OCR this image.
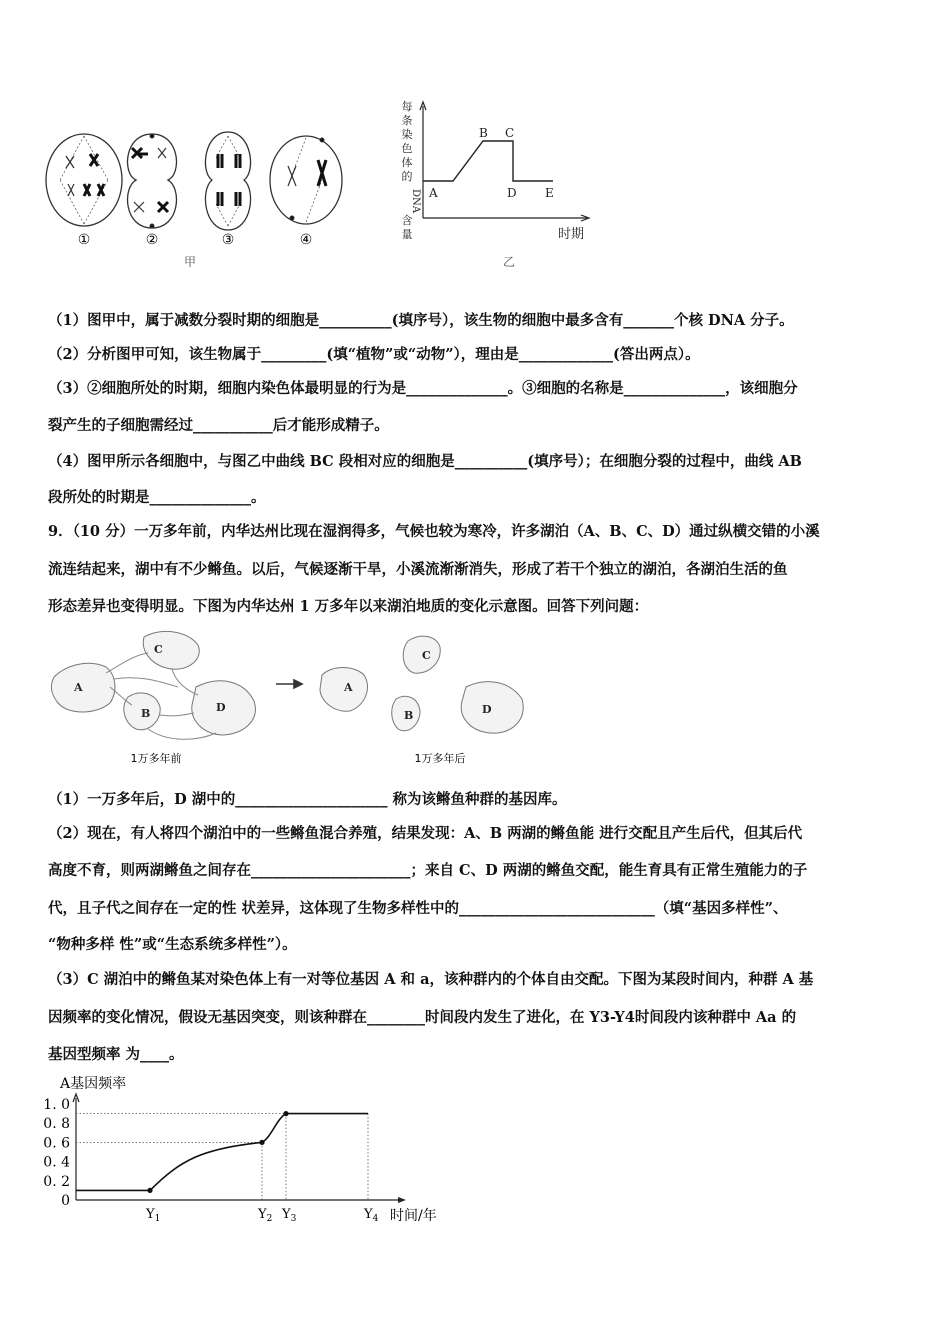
①	②	③	④
甲
每
条
染
色
体
的
DNA
含
量
A
B C
D E
时期
乙
（1）图甲中，属于减数分裂时期的细胞是__________(填序号），该生物的细胞中最多含有_______个核 DNA 分子。
（2）分析图甲可知，该生物属于_________(填“植物”或“动物”），理由是_____________(答出两点）。
（3）②细胞所处的时期，细胞内染色体最明显的行为是______________。③细胞的名称是______________，该细胞分
裂产生的子细胞需经过___________后才能形成精子。
（4）图甲所示各细胞中，与图乙中曲线 BC 段相对应的细胞是__________(填序号）；在细胞分裂的过程中，曲线 AB
段所处的时期是______________。
9．（10 分）一万多年前，内华达州比现在湿润得多，气候也较为寒冷，许多湖泊（A、B、C、D）通过纵横交错的小溪
流连结起来，湖中有不少鳉鱼。以后，气候逐渐干旱，小溪流渐渐消失，形成了若干个独立的湖泊，各湖泊生活的鱼
形态差异也变得明显。下图为内华达州 1 万多年以来湖泊地质的变化示意图。回答下列问题：
A
B
C
D
A
B
C
D
1万多年前	1万多年后
（1）一万多年后，D 湖中的_____________________ 称为该鳉鱼种群的基因库。
（2）现在，有人将四个湖泊中的一些鳉鱼混合养殖，结果发现：A、B 两湖的鳉鱼能 进行交配且产生后代，但其后代
高度不育，则两湖鳉鱼之间存在______________________；来自 C、D 两湖的鳉鱼交配，能生育具有正常生殖能力的子
代，且子代之间存在一定的性 状差异，这体现了生物多样性中的___________________________（填“基因多样性”、
“物种多样 性”或“生态系统多样性”）。
（3）C 湖泊中的鳉鱼某对染色体上有一对等位基因 A 和 a，该种群内的个体自由交配。下图为某段时间内，种群 A 基
因频率的变化情况，假设无基因突变，则该种群在________时间段内发生了进化，在 Y3-Y4时间段内该种群中 Aa 的
基因型频率 为____。
A基因频率
时间/年
1. 0
0. 8
0. 6
0. 4
0. 2
0
$Y_1$	$Y_2$ $Y_3$	$Y_4$
